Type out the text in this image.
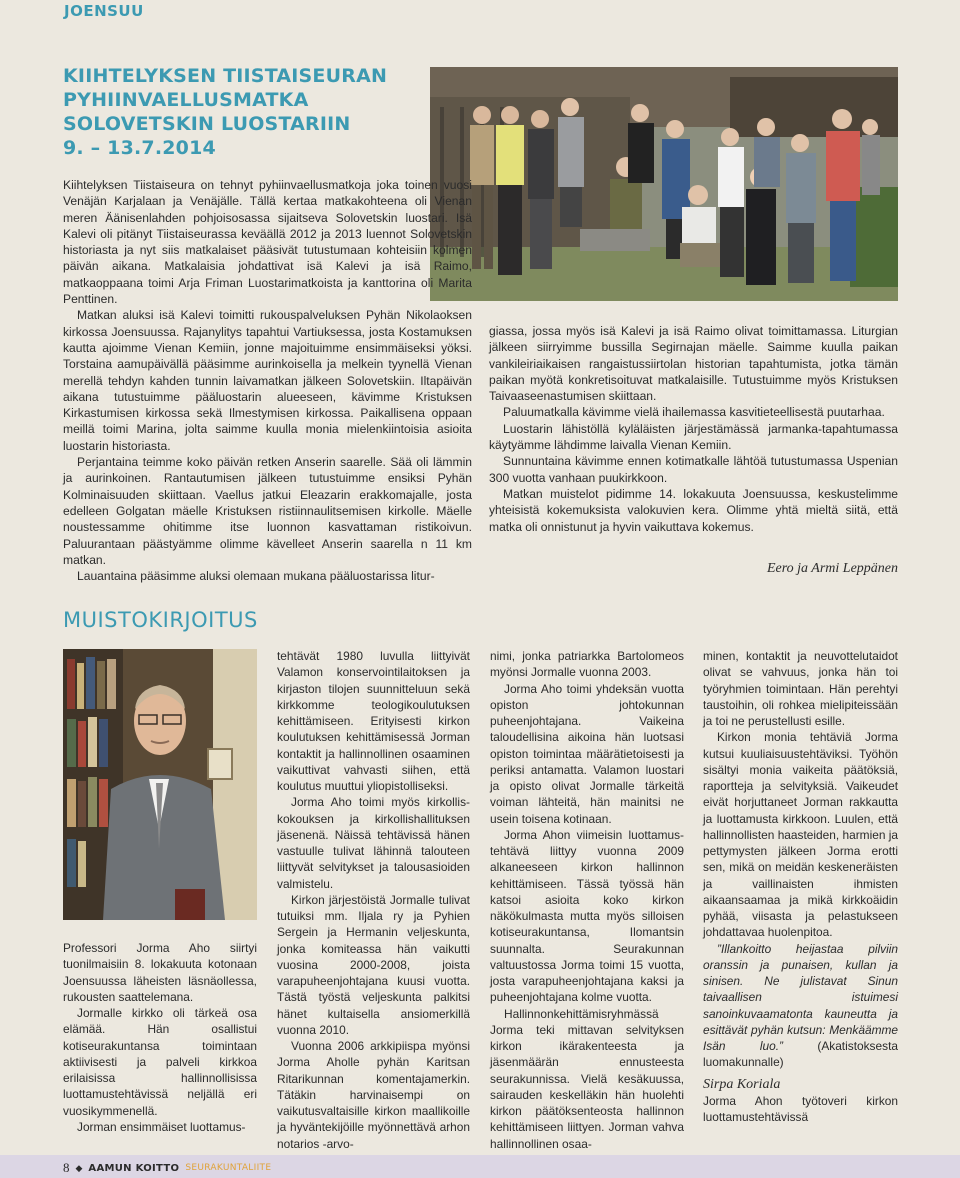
JOENSUU
KIIHTELYKSEN TIISTAISEURAN
PYHIINVAELLUSMATKA
SOLOVETSKIN LUOSTARIIN
9. – 13.7.2014

Kiihtelyksen Tiistaiseura on tehnyt pyhiinvaellusmatkoja joka toinen vuosi Venäjän Karjalaan ja Venäjälle. Tällä kertaa matkakohteena oli Vienan meren Äänisenlahden pohjoisosassa sijaitseva Solovetskin luostari. Isä Kalevi oli pitänyt Tiistaiseurassa keväällä 2012 ja 2013 luennot Solovetskin historiasta ja nyt siis matkalaiset pääsivät tutustumaan kohteisiin kolmen päivän aikana. Matkalaisia johdattivat isä Kalevi ja isä Raimo, matkaoppaana toimi Arja Friman Luostarimatkoista ja kanttorina oli Marita Penttinen.

Matkan aluksi isä Kalevi toimitti rukouspalveluksen Pyhän Nikolaoksen kirkossa Joensuussa. Rajanylitys tapahtui Vartiuksessa, josta Kostamuksen kautta ajoimme Vienan Kemiin, jonne majoituimme ensimmäiseksi yöksi. Torstaina aamupäivällä pääsimme aurinkoisella ja melkein tyynellä Vienan merellä tehdyn kahden tunnin laivamatkan jälkeen Solovetskiin. Iltapäivän aikana tutustuimme pääluostarin alueeseen, kävimme Kristuksen Kirkastumisen kirkossa sekä Ilmestymisen kirkossa. Paikallisena oppaan meillä toimi Marina, jolta saimme kuulla monia mielenkiintoisia asioita luostarin historiasta.

Perjantaina teimme koko päivän retken Anserin saarelle. Sää oli lämmin ja aurinkoinen. Rantautumisen jälkeen tutustuimme ensiksi Pyhän Kolminaisuuden skiittaan. Vaellus jatkui Eleazarin erakkomajalle, josta edelleen Golgatan mäelle Kristuksen ristiinnaulitsemisen kirkolle. Mäelle noustessamme ohitimme itse luonnon kasvattaman ristikoivun. Paluurantaan päästyämme olimme kävelleet Anserin saarella n 11 km matkan.

Lauantaina pääsimme aluksi olemaan mukana pääluostarissa litur-

giassa, jossa myös isä Kalevi ja isä Raimo olivat toimittamassa. Liturgian jälkeen siirryimme bussilla Segirnajan mäelle. Saimme kuulla paikan vankileiriaikaisen rangaistussiirtolan historian tapahtumista, jotka tämän paikan myötä konkretisoituvat matkalaisille. Tutustuimme myös Kristuksen Taivaaseenastumisen skiittaan.

Paluumatkalla kävimme vielä ihailemassa kasvitieteellisestä puutarhaa.

Luostarin lähistöllä kyläläisten järjestämässä jarmanka-tapahtumassa käytyämme lähdimme laivalla Vienan Kemiin.

Sunnuntaina kävimme ennen kotimatkalle lähtöä tutustumassa Uspenian 300 vuotta vanhaan puukirkkoon.

Matkan muistelot pidimme 14. lokakuuta Joensuussa, keskustelimme yhteisistä kokemuksista valokuvien kera. Olimme yhtä mieltä siitä, että matka oli onnistunut ja hyvin vaikuttava kokemus.

Eero ja Armi Leppänen
MUISTOKIRJOITUS

Professori Jorma Aho siirtyi tuonilmaisiin 8. lokakuuta kotonaan Joensuussa läheisten läsnäollessa, rukousten saattelemana.

Jormalle kirkko oli tärkeä osa elämää. Hän osallistui kotiseurakuntansa toimintaan aktiivisesti ja palveli kirkkoa erilaisissa hallinnollisissa luottamustehtävissä neljällä eri vuosikymmenellä.

Jorman ensimmäiset luottamus-

tehtävät 1980 luvulla liittyivät Valamon konservointilaitoksen ja kirjaston tilojen suunnitteluun sekä kirkkomme teologikoulutuksen kehittämiseen. Erityisesti kirkon koulutuksen kehittämisessä Jorman kontaktit ja hallinnollinen osaaminen vaikuttivat vahvasti siihen, että koulutus muuttui yliopistolliseksi.

Jorma Aho toimi myös kirkolliskokouksen ja kirkollishallituksen jäsenenä. Näissä tehtävissä hänen vastuulle tulivat lähinnä talouteen liittyvät selvitykset ja talousasioiden valmistelu.

Kirkon järjestöistä Jormalle tulivat tutuiksi mm. Iljala ry ja Pyhien Sergein ja Hermanin veljeskunta, jonka komiteassa hän vaikutti vuosina 2000-2008, joista varapuheenjohtajana kuusi vuotta. Tästä työstä veljeskunta palkitsi hänet kultaisella ansiomerkillä vuonna 2010.

Vuonna 2006 arkkipiispa myönsi Jorma Aholle pyhän Karitsan Ritarikunnan komentajamerkin. Tätäkin harvinaisempi on vaikutusvaltaisille kirkon maallikoille ja hyväntekijöille myönnettävä arhon notarios -arvo-

nimi, jonka patriarkka Bartolomeos myönsi Jormalle vuonna 2003.

Jorma Aho toimi yhdeksän vuotta opiston johtokunnan puheenjohtajana. Vaikeina taloudellisina aikoina hän luotsasi opiston toimintaa määrätietoisesti ja periksi antamatta. Valamon luostari ja opisto olivat Jormalle tärkeitä voiman lähteitä, hän mainitsi ne usein toisena kotinaan.

Jorma Ahon viimeisin luottamustehtävä liittyy vuonna 2009 alkaneeseen kirkon hallinnon kehittämiseen. Tässä työssä hän katsoi asioita koko kirkon näkökulmasta mutta myös silloisen kotiseurakuntansa, Ilomantsin suunnalta. Seurakunnan valtuustossa Jorma toimi 15 vuotta, josta varapuheenjohtajana kaksi ja puheenjohtajana kolme vuotta.

Hallinnonkehittämisryhmässä Jorma teki mittavan selvityksen kirkon ikärakenteesta ja jäsenmäärän ennusteesta seurakunnissa. Vielä kesäkuussa, sairauden keskelläkin hän huolehti kirkon päätöksenteosta hallinnon kehittämiseen liittyen. Jorman vahva hallinnollinen osaa-

minen, kontaktit ja neuvottelutaidot olivat se vahvuus, jonka hän toi työryhmien toimintaan. Hän perehtyi taustoihin, oli rohkea mielipiteissään ja toi ne perustellusti esille.

Kirkon monia tehtäviä Jorma kutsui kuuliaisuustehtäviksi. Työhön sisältyi monia vaikeita päätöksiä, raportteja ja selvityksiä. Vaikeudet eivät horjuttaneet Jorman rakkautta ja luottamusta kirkkoon. Luulen, että hallinnollisten haasteiden, harmien ja pettymysten jälkeen Jorma erotti sen, mikä on meidän keskeneräisten ja vaillinaisten ihmisten aikaansaamaa ja mikä kirkkoäidin pyhää, viisasta ja pelastukseen johdattavaa huolenpitoa.

”Illankoitto heijastaa pilviin oranssin ja punaisen, kullan ja sinisen. Ne julistavat Sinun taivaallisen istuimesi sanoinkuvaamatonta kauneutta ja esittävät pyhän kutsun: Menkäämme Isän luo.” (Akatistoksesta luomakunnalle)

Sirpa Koriala

Jorma Ahon työtoveri kirkon luottamustehtävissä

8 ◆ AAMUN KOITTO SEURAKUNTALIITE
